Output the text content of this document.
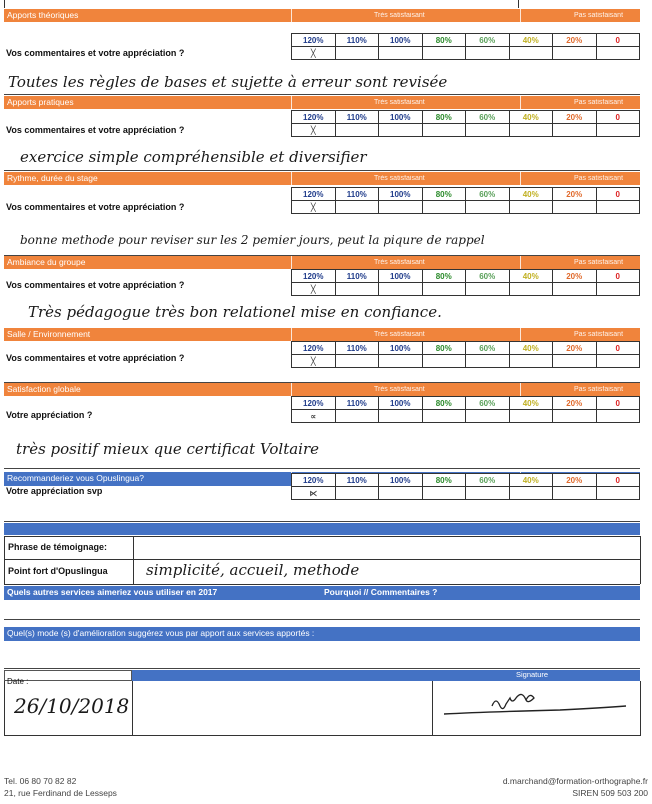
Apports théoriques	Très satisfaisant	Pas satisfaisant
Vos commentaires et votre appréciation ?
120%	110%	100%	80%	60%	40%	20%	0
╳							
Toutes les règles de bases et sujette à erreur sont revisée
Apports pratiques	Très satisfaisant	Pas satisfaisant
Vos commentaires et votre appréciation ?
120%	110%	100%	80%	60%	40%	20%	0
╳							
exercice simple compréhensible et diversifier
Rythme, durée du stage	Très satisfaisant	Pas satisfaisant
Vos commentaires et votre appréciation ?
120%	110%	100%	80%	60%	40%	20%	0
╳							
bonne methode pour reviser sur les 2 pemier jours, peut la piqure de rappel
Ambiance du groupe	Très satisfaisant	Pas satisfaisant
Vos commentaires et votre appréciation ?
120%	110%	100%	80%	60%	40%	20%	0
╳							
Très pédagogue très bon relationel mise en confiance.
Salle / Environnement	Très satisfaisant	Pas satisfaisant
Vos commentaires et votre appréciation ?
120%	110%	100%	80%	60%	40%	20%	0
╳							
Satisfaction globale	Très satisfaisant	Pas satisfaisant
Votre appréciation ?
120%	110%	100%	80%	60%	40%	20%	0
∝							
très positif mieux que certificat Voltaire
Recommanderiez vous Opuslingua?
Votre appréciation svp
120%	110%	100%	80%	60%	40%	20%	0
⋉							
Phrase de témoignage:
Point fort d'Opuslingua	simplicité, accueil, methode
Quels autres services aimeriez vous utiliser en 2017	Pourquoi // Commentaires ?
Quel(s) mode (s) d'amélioration suggérez vous par apport aux services apportés :
Signature
Date :
26/10/2018
Tel. 06 80 70 82 82
21, rue Ferdinand de Lesseps
d.marchand@formation-orthographe.fr
SIREN 509 503 200
